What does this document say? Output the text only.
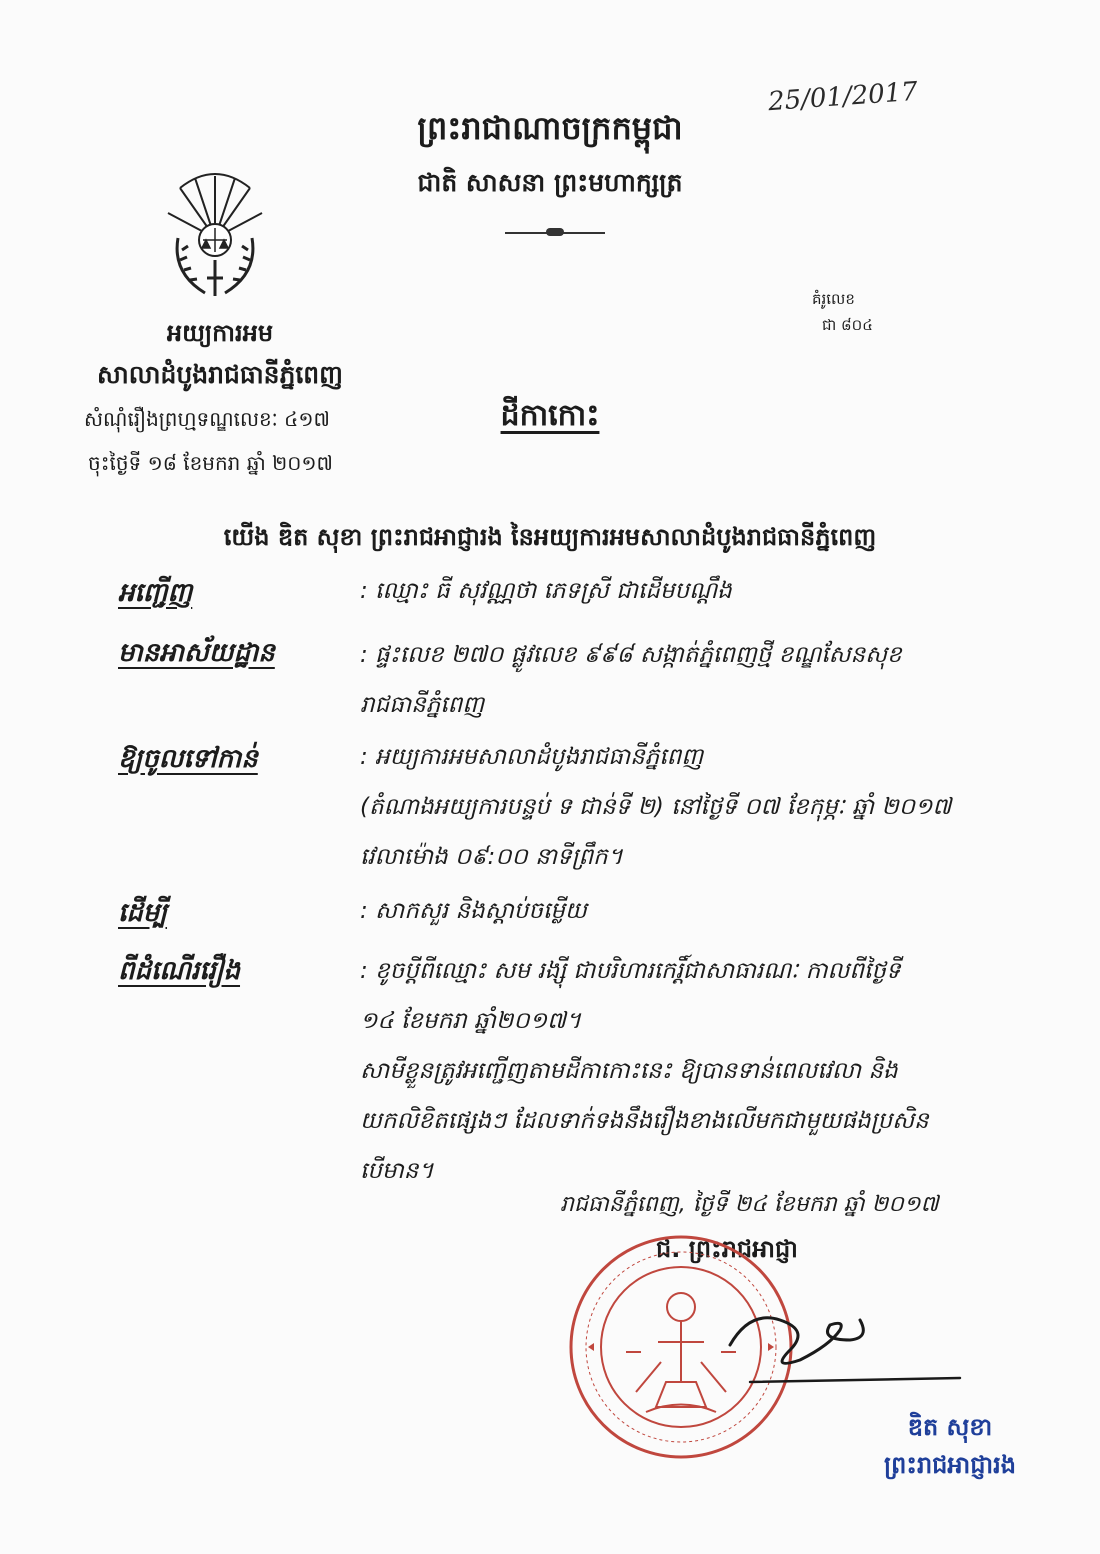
25/01/2017
ព្រះរាជាណាចក្រកម្ពុជា
ជាតិ សាសនា ព្រះមហាក្សត្រ
គំរូលេខ
ជា ៨០៤
អយ្យការអម
សាលាដំបូងរាជធានីភ្នំពេញ
សំណុំរឿងព្រហ្មទណ្ឌលេខៈ ៤១៧
ចុះថ្ងៃទី ១៨ ខែមករា ឆ្នាំ ២០១៧
ដីកាកោះ
យើង ឌិត សុខា ព្រះរាជអាជ្ញារង នៃអយ្យការអមសាលាដំបូងរាជធានីភ្នំពេញ
អញ្ជើញ	: ឈ្មោះ ធី សុវណ្ណថា ភេទស្រី ជាដើមបណ្ដឹង
មានអាស័យដ្ឋាន	: ផ្ទះលេខ ២៧០ ផ្លូវលេខ ៩៩៨ សង្កាត់ភ្នំពេញថ្មី ខណ្ឌសែនសុខ
រាជធានីភ្នំពេញ
ឱ្យចូលទៅកាន់	: អយ្យការអមសាលាដំបូងរាជធានីភ្នំពេញ
(តំណាងអយ្យការបន្ទប់ ទ ជាន់ទី ២) នៅថ្ងៃទី ០៧ ខែកុម្ភៈ ឆ្នាំ ២០១៧
វេលាម៉ោង ០៩:០០ នាទីព្រឹក។
ដើម្បី	: សាកសួរ និងស្ដាប់ចម្លើយ
ពីដំណើររឿង	: ខូចប្ដីពីឈ្មោះ សម រង្ស៊ី ជាបរិហារកេរ្ដិ៍ជាសាធារណៈ កាលពីថ្ងៃទី
១៤ ខែមករា ឆ្នាំ២០១៧។
សាមីខ្លួនត្រូវអញ្ជើញតាមដីកាកោះនេះ ឱ្យបានទាន់ពេលវេលា និង
យកលិខិតផ្សេងៗ ដែលទាក់ទងនឹងរឿងខាងលើមកជាមួយផងប្រសិន
បើមាន។
រាជធានីភ្នំពេញ, ថ្ងៃទី ២៤ ខែមករា ឆ្នាំ ២០១៧
ជ. ព្រះរាជអាជ្ញា
ឌិត សុខា
ព្រះរាជអាជ្ញារង
